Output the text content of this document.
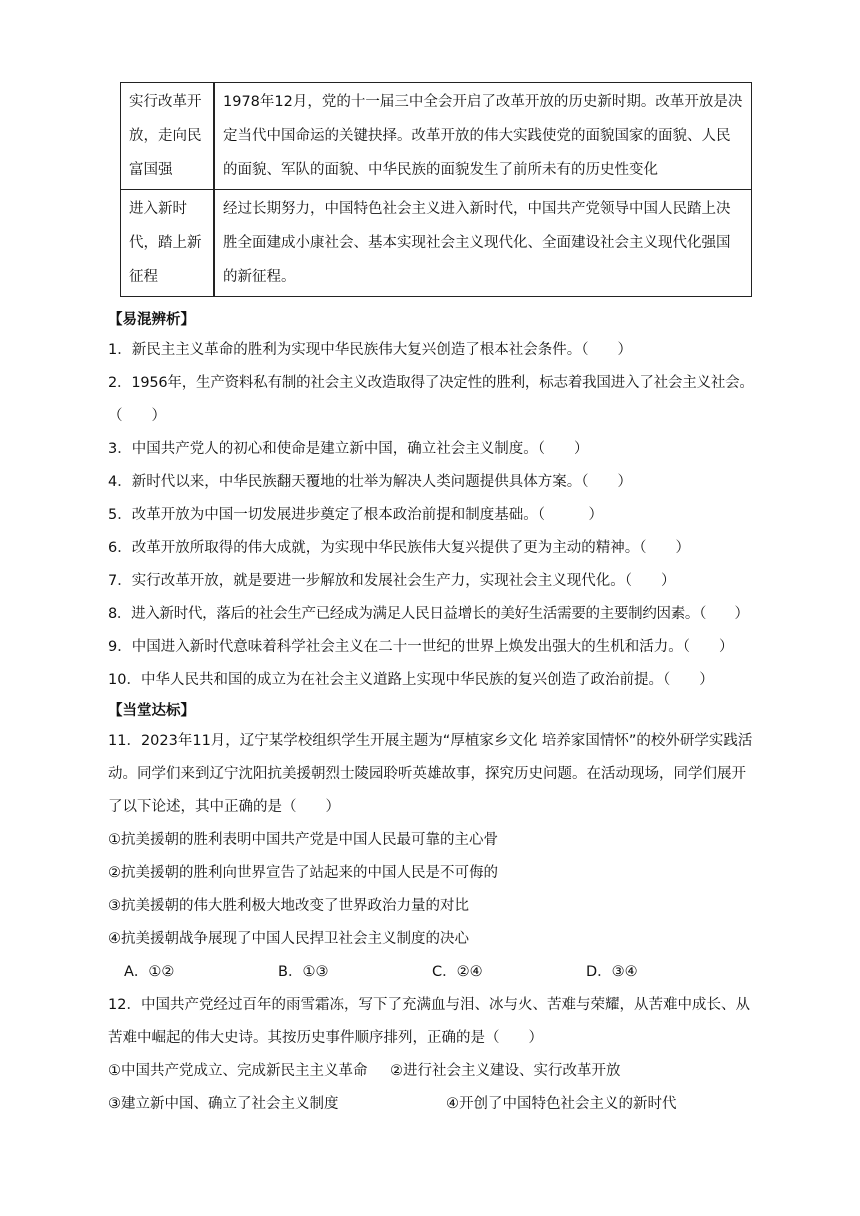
实行改革开放，走向民富国强	1978年12月，党的十一届三中全会开启了改革开放的历史新时期。改革开放是决定当代中国命运的关键抉择。改革开放的伟大实践使党的面貌国家的面貌、人民的面貌、军队的面貌、中华民族的面貌发生了前所未有的历史性变化
进入新时代，踏上新征程	经过长期努力，中国特色社会主义进入新时代，中国共产党领导中国人民踏上决胜全面建成小康社会、基本实现社会主义现代化、全面建设社会主义现代化强国的新征程。
【易混辨析】
1．新民主主义革命的胜利为实现中华民族伟大复兴创造了根本社会条件。（　　）
2．1956年，生产资料私有制的社会主义改造取得了决定性的胜利，标志着我国进入了社会主义社会。
（　　）
3．中国共产党人的初心和使命是建立新中国，确立社会主义制度。（　　）
4．新时代以来，中华民族翻天覆地的壮举为解决人类问题提供具体方案。（　　）
5．改革开放为中国一切发展进步奠定了根本政治前提和制度基础。（　　　）
6．改革开放所取得的伟大成就，为实现中华民族伟大复兴提供了更为主动的精神。（　　）
7．实行改革开放，就是要进一步解放和发展社会生产力，实现社会主义现代化。（　　）
8．进入新时代，落后的社会生产已经成为满足人民日益增长的美好生活需要的主要制约因素。（　　）
9．中国进入新时代意味着科学社会主义在二十一世纪的世界上焕发出强大的生机和活力。（　　）
10．中华人民共和国的成立为在社会主义道路上实现中华民族的复兴创造了政治前提。（　　）
【当堂达标】
11．2023年11月，辽宁某学校组织学生开展主题为“厚植家乡文化 培养家国情怀”的校外研学实践活动。同学们来到辽宁沈阳抗美援朝烈士陵园聆听英雄故事，探究历史问题。在活动现场，同学们展开了以下论述，其中正确的是（　　）
①抗美援朝的胜利表明中国共产党是中国人民最可靠的主心骨
②抗美援朝的胜利向世界宣告了站起来的中国人民是不可侮的
③抗美援朝的伟大胜利极大地改变了世界政治力量的对比
④抗美援朝战争展现了中国人民捍卫社会主义制度的决心
A．①②	B．①③	C．②④	D．③④
12．中国共产党经过百年的雨雪霜冻，写下了充满血与泪、冰与火、苦难与荣耀，从苦难中成长、从苦难中崛起的伟大史诗。其按历史事件顺序排列，正确的是（　　）
①中国共产党成立、完成新民主主义革命 ②进行社会主义建设、实行改革开放
③建立新中国、确立了社会主义制度	④开创了中国特色社会主义的新时代
